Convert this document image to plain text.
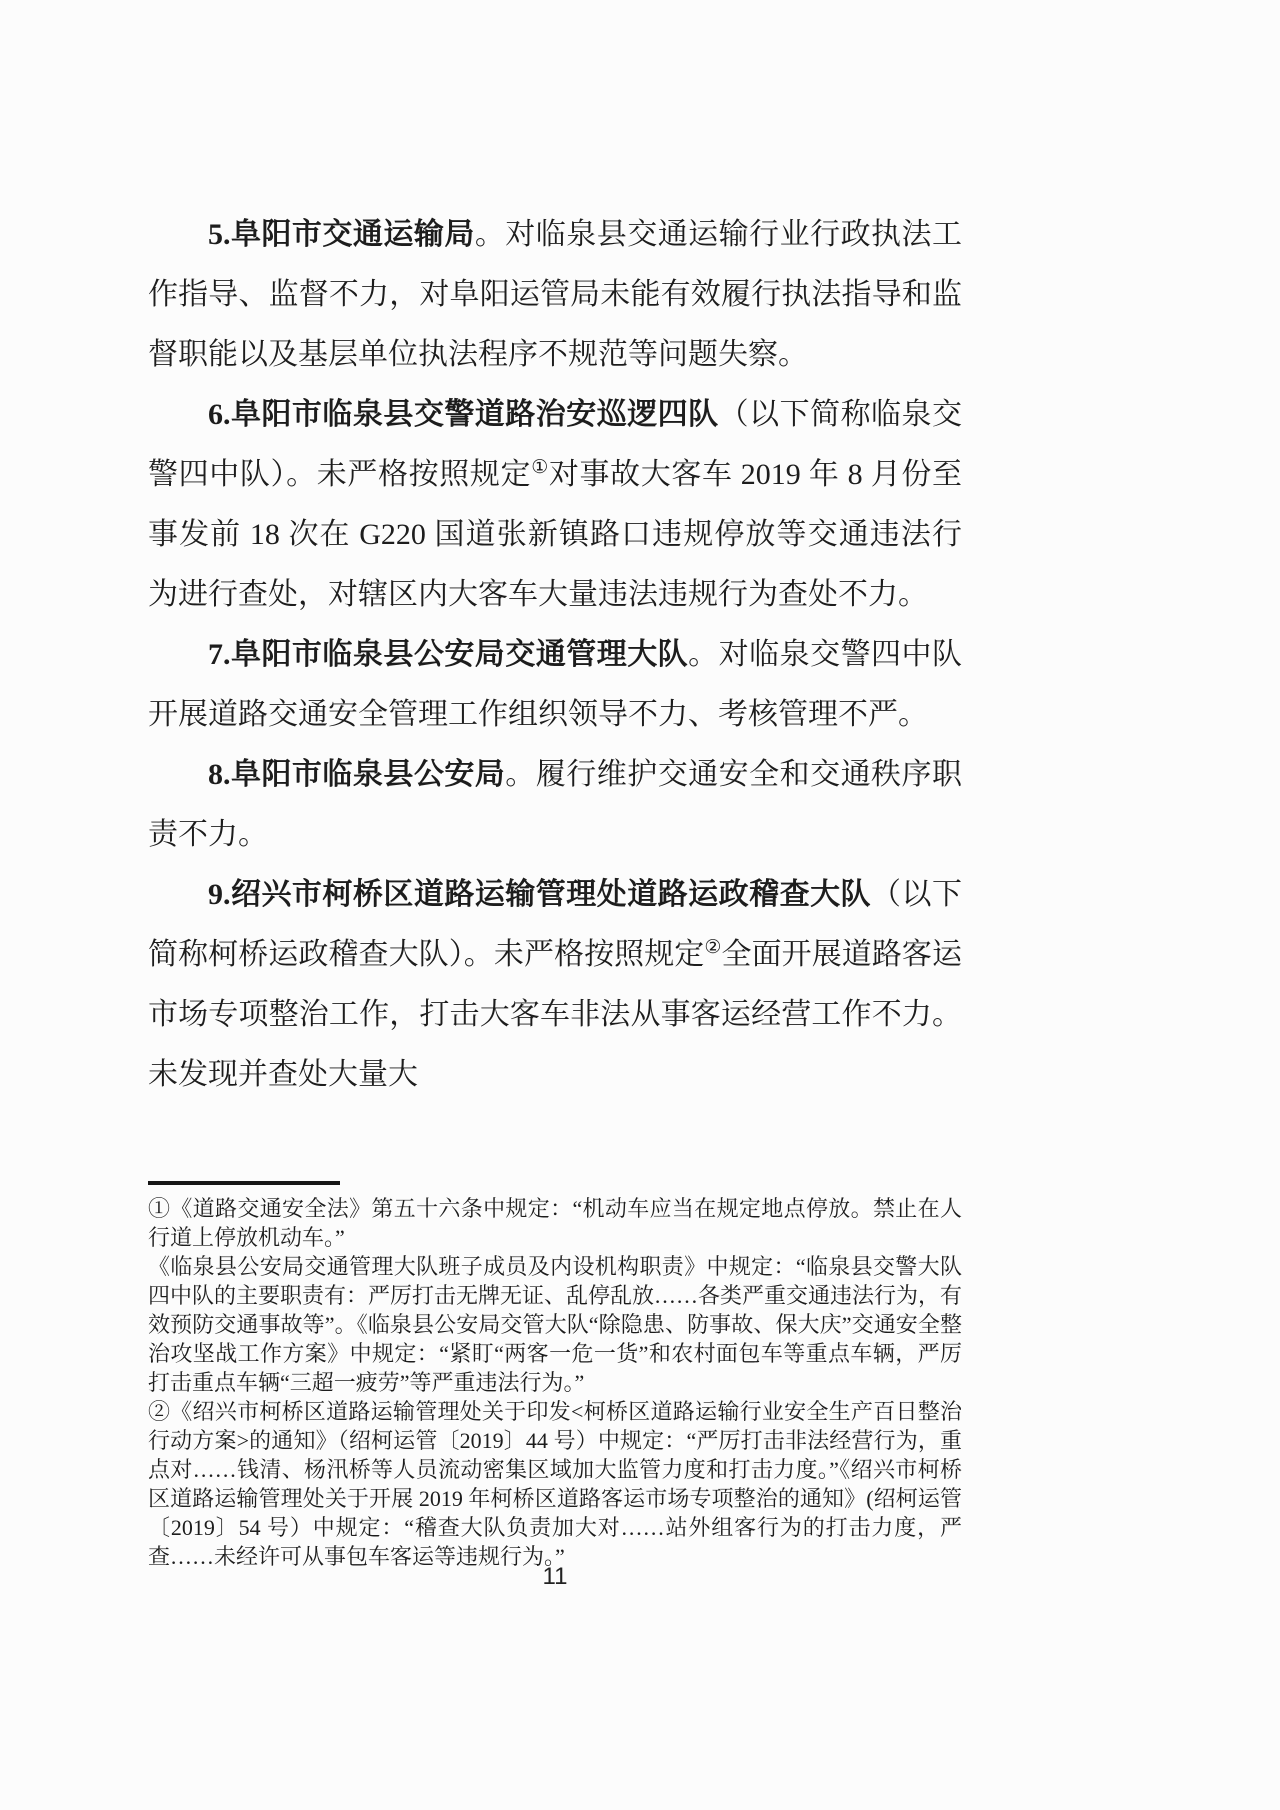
5.阜阳市交通运输局。对临泉县交通运输行业行政执法工作指导、监督不力，对阜阳运管局未能有效履行执法指导和监督职能以及基层单位执法程序不规范等问题失察。

6.阜阳市临泉县交警道路治安巡逻四队（以下简称临泉交警四中队）。未严格按照规定①对事故大客车 2019 年 8 月份至事发前 18 次在 G220 国道张新镇路口违规停放等交通违法行为进行查处，对辖区内大客车大量违法违规行为查处不力。

7.阜阳市临泉县公安局交通管理大队。对临泉交警四中队开展道路交通安全管理工作组织领导不力、考核管理不严。

8.阜阳市临泉县公安局。履行维护交通安全和交通秩序职责不力。

9.绍兴市柯桥区道路运输管理处道路运政稽查大队（以下简称柯桥运政稽查大队）。未严格按照规定②全面开展道路客运市场专项整治工作，打击大客车非法从事客运经营工作不力。未发现并查处大量大

①《道路交通安全法》第五十六条中规定：“机动车应当在规定地点停放。禁止在人行道上停放机动车。”

《临泉县公安局交通管理大队班子成员及内设机构职责》中规定：“临泉县交警大队四中队的主要职责有：严厉打击无牌无证、乱停乱放……各类严重交通违法行为，有效预防交通事故等”。《临泉县公安局交管大队“除隐患、防事故、保大庆”交通安全整治攻坚战工作方案》中规定：“紧盯“两客一危一货”和农村面包车等重点车辆，严厉打击重点车辆“三超一疲劳”等严重违法行为。”

②《绍兴市柯桥区道路运输管理处关于印发<柯桥区道路运输行业安全生产百日整治行动方案>的通知》（绍柯运管〔2019〕44 号）中规定：“严厉打击非法经营行为，重点对……钱清、杨汛桥等人员流动密集区域加大监管力度和打击力度。”《绍兴市柯桥区道路运输管理处关于开展 2019 年柯桥区道路客运市场专项整治的通知》(绍柯运管〔2019〕54 号）中规定：“稽查大队负责加大对……站外组客行为的打击力度，严查……未经许可从事包车客运等违规行为。”

11
